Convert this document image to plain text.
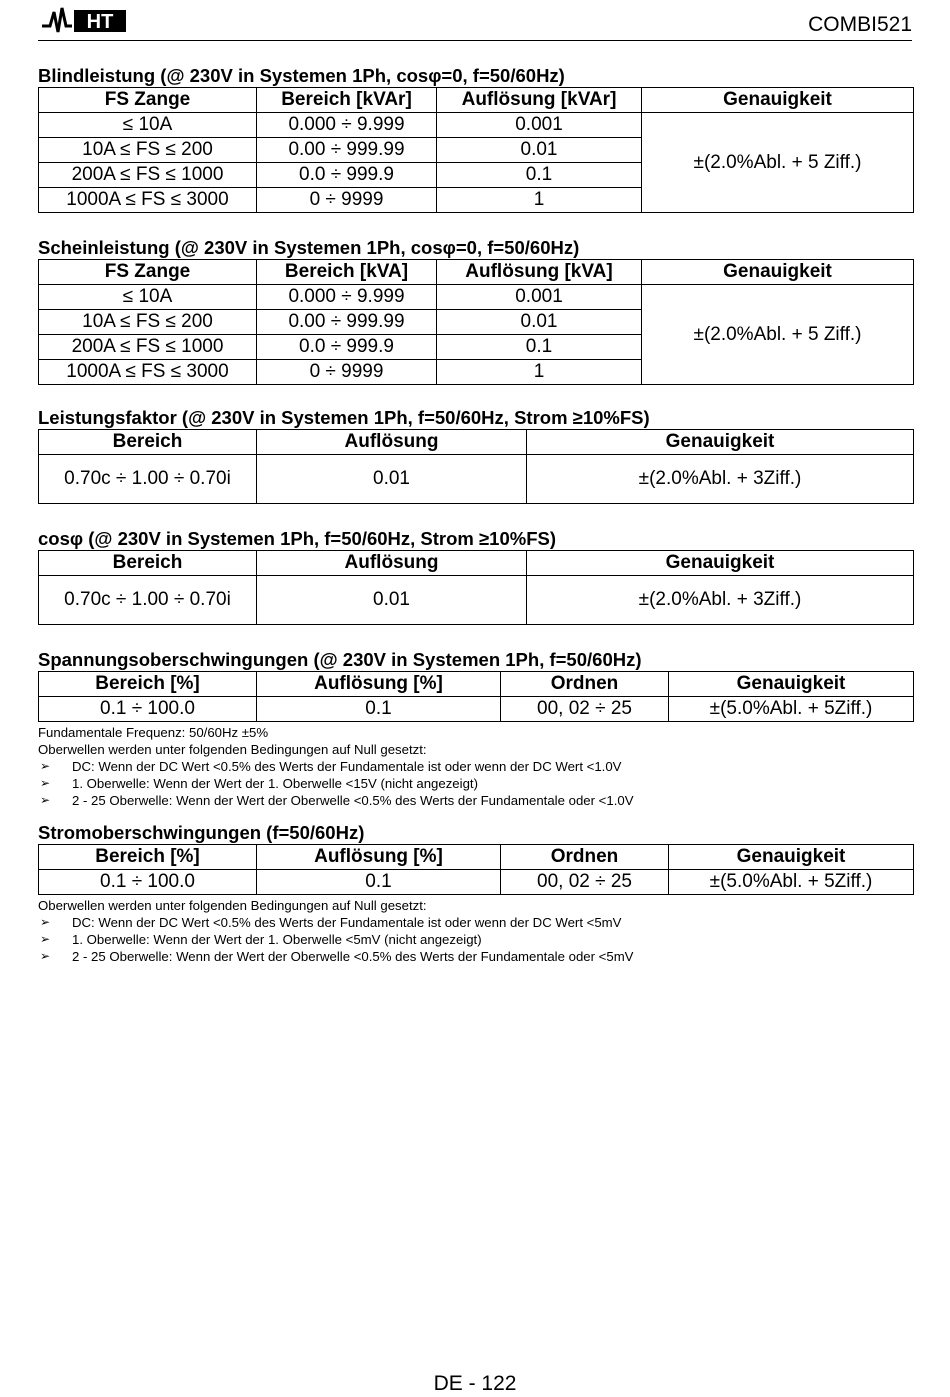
HT	COMBI521
Blindleistung (@ 230V in Systemen 1Ph, cosφ=0, f=50/60Hz)
FS Zange	Bereich [kVAr]	Auflösung [kVAr]	Genauigkeit
≤ 10A	0.000 ÷ 9.999	0.001	±(2.0%Abl. + 5 Ziff.)
10A ≤ FS ≤ 200	0.00 ÷ 999.99	0.01	
200A ≤ FS ≤ 1000	0.0 ÷ 999.9	0.1	
1000A ≤ FS ≤ 3000	0 ÷ 9999	1	
Scheinleistung (@ 230V in Systemen 1Ph, cosφ=0, f=50/60Hz)
FS Zange	Bereich [kVA]	Auflösung [kVA]	Genauigkeit
≤ 10A	0.000 ÷ 9.999	0.001	±(2.0%Abl. + 5 Ziff.)
10A ≤ FS ≤ 200	0.00 ÷ 999.99	0.01	
200A ≤ FS ≤ 1000	0.0 ÷ 999.9	0.1	
1000A ≤ FS ≤ 3000	0 ÷ 9999	1	
Leistungsfaktor (@ 230V in Systemen 1Ph, f=50/60Hz, Strom ≥10%FS)
Bereich	Auflösung	Genauigkeit
0.70c ÷ 1.00 ÷ 0.70i	0.01	±(2.0%Abl. + 3Ziff.)
cosφ (@ 230V in Systemen 1Ph, f=50/60Hz, Strom ≥10%FS)
Bereich	Auflösung	Genauigkeit
0.70c ÷ 1.00 ÷ 0.70i	0.01	±(2.0%Abl. + 3Ziff.)
Spannungsoberschwingungen (@ 230V in Systemen 1Ph, f=50/60Hz)
Bereich [%]	Auflösung [%]	Ordnen	Genauigkeit
0.1 ÷ 100.0	0.1	00, 02 ÷ 25	±(5.0%Abl. + 5Ziff.)
Fundamentale Frequenz: 50/60Hz ±5%
Oberwellen werden unter folgenden Bedingungen auf Null gesetzt:
➢	DC: Wenn der DC Wert <0.5% des Werts der Fundamentale ist oder wenn der DC Wert <1.0V
➢	1. Oberwelle: Wenn der Wert der 1. Oberwelle <15V (nicht angezeigt)
➢	2 - 25 Oberwelle: Wenn der Wert der Oberwelle <0.5% des Werts der Fundamentale oder <1.0V
Stromoberschwingungen (f=50/60Hz)
Bereich [%]	Auflösung [%]	Ordnen	Genauigkeit
0.1 ÷ 100.0	0.1	00, 02 ÷ 25	±(5.0%Abl. + 5Ziff.)
Oberwellen werden unter folgenden Bedingungen auf Null gesetzt:
➢	DC: Wenn der DC Wert <0.5% des Werts der Fundamentale ist oder wenn der DC Wert <5mV
➢	1. Oberwelle: Wenn der Wert der 1. Oberwelle <5mV (nicht angezeigt)
➢	2 - 25 Oberwelle: Wenn der Wert der Oberwelle <0.5% des Werts der Fundamentale oder <5mV
DE - 122
